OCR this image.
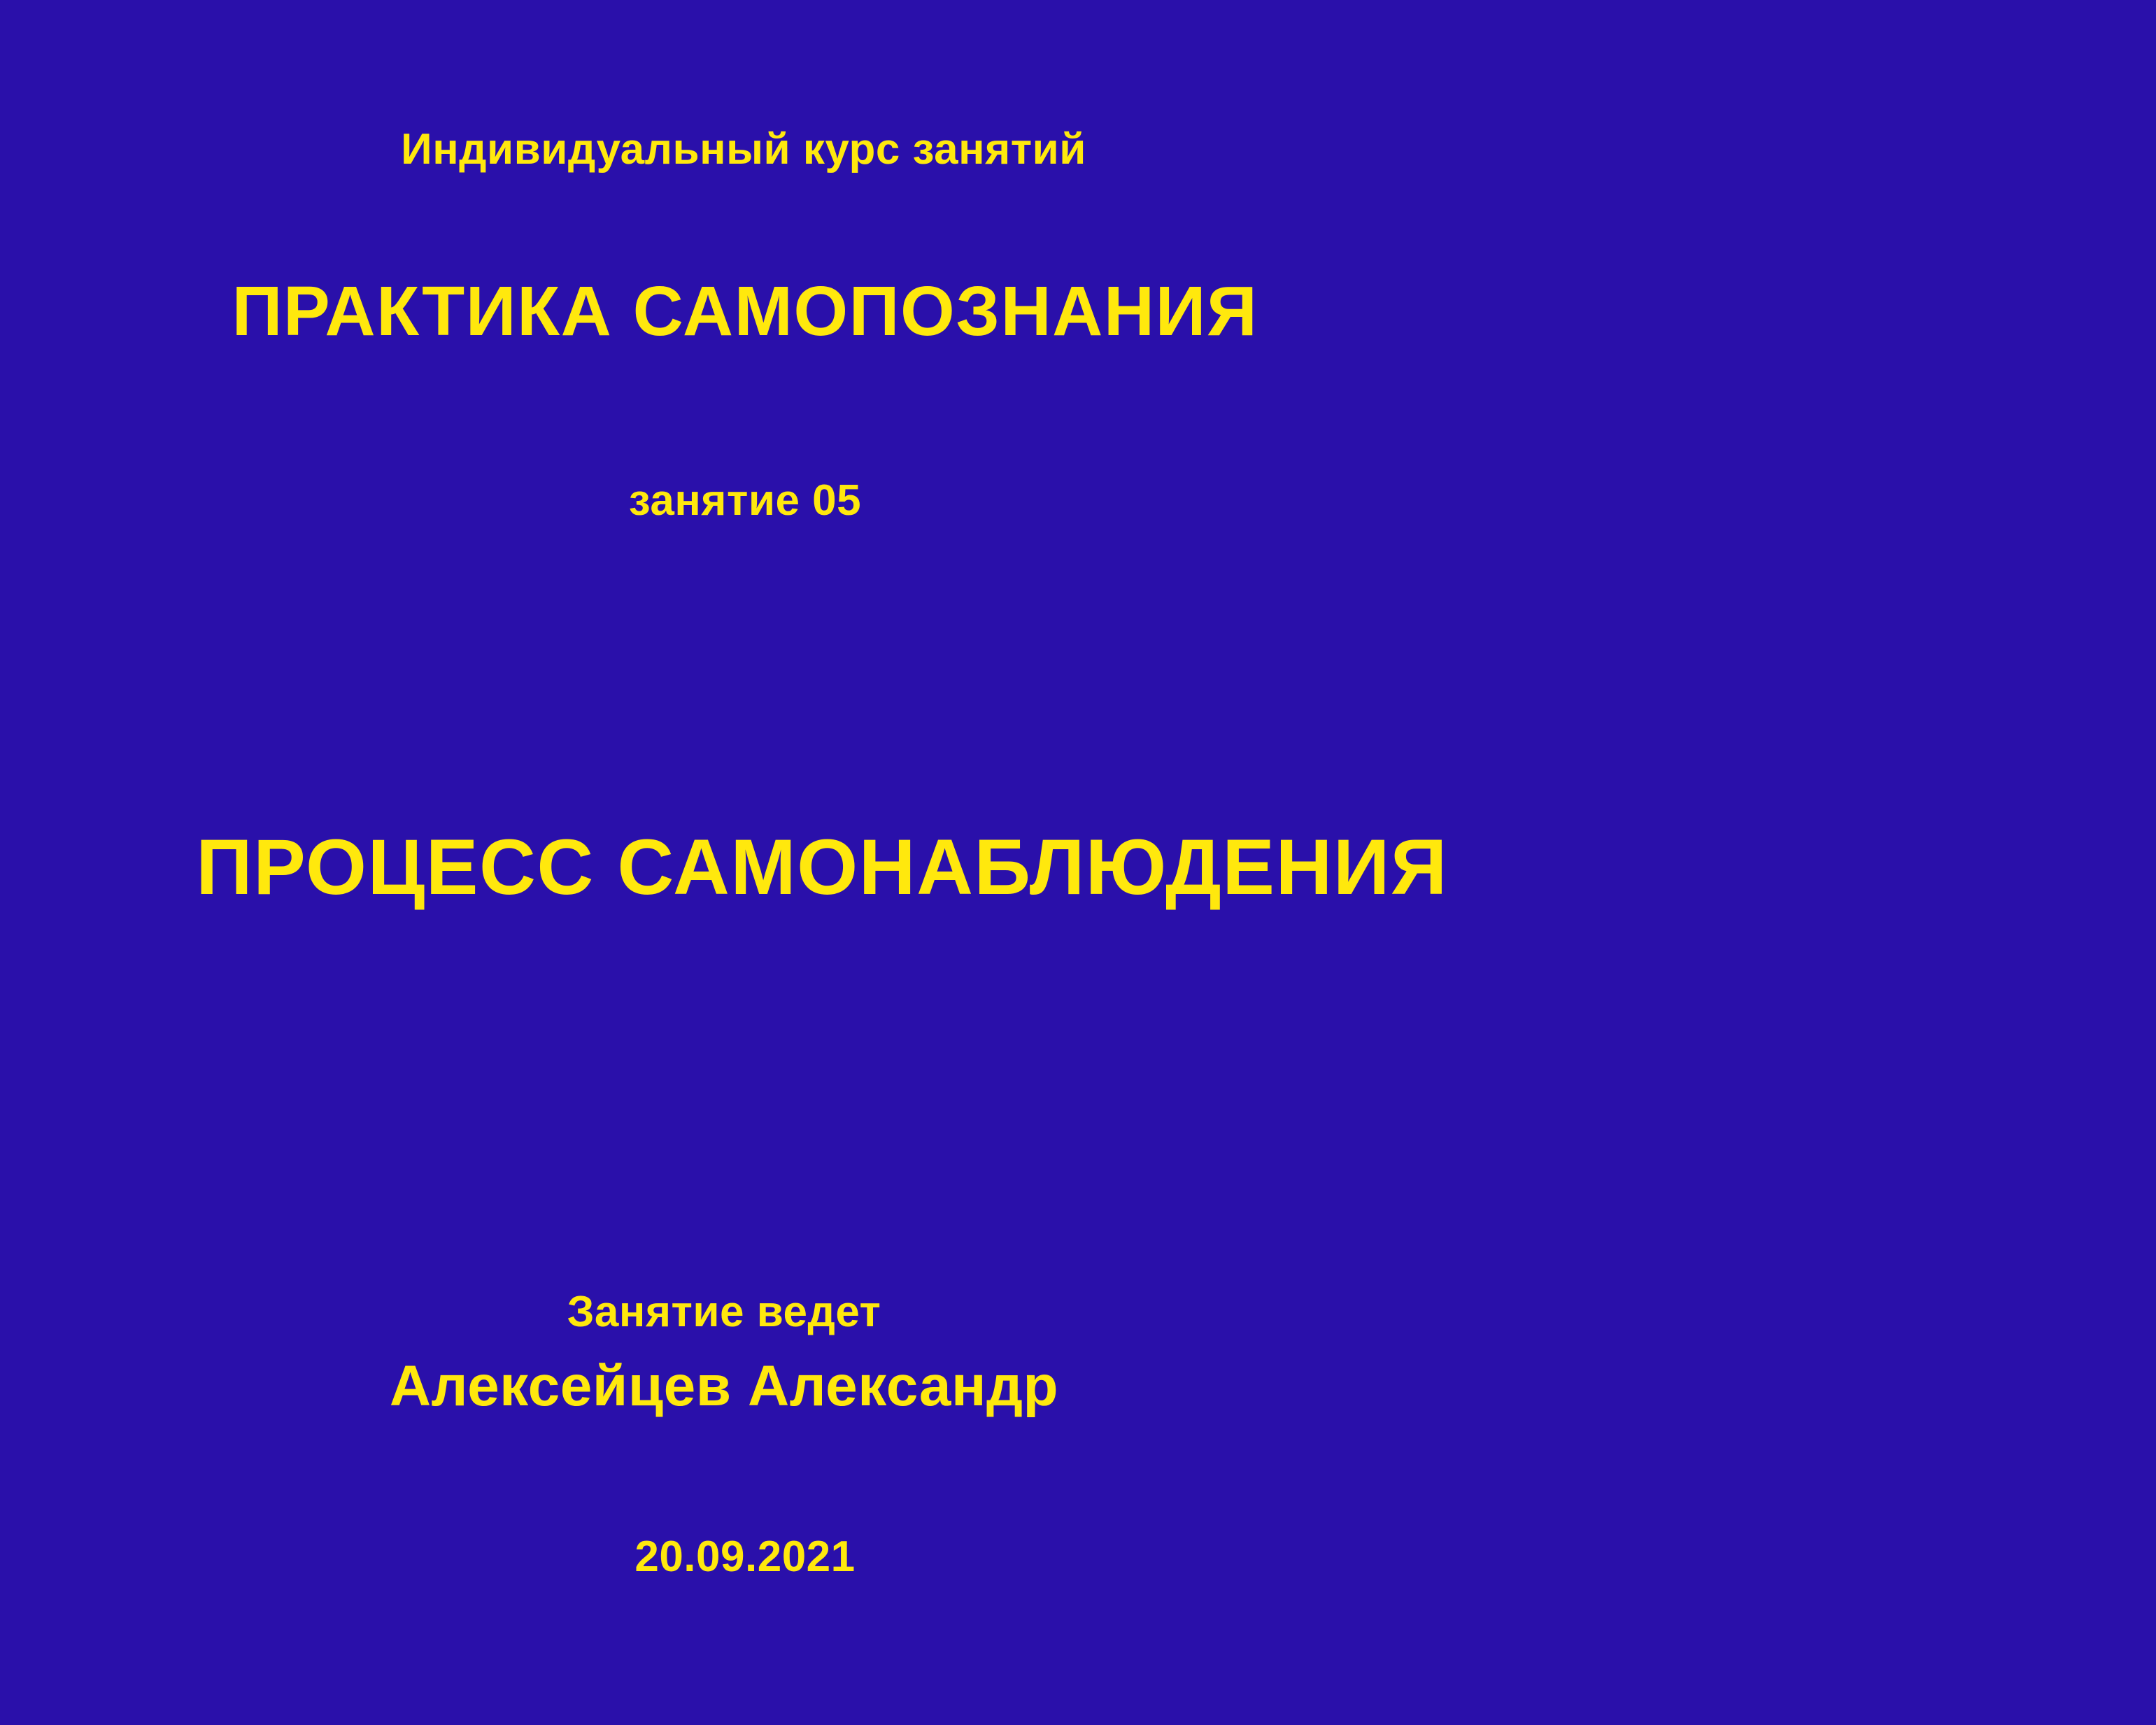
Индивидуальный курс занятий
ПРАКТИКА САМОПОЗНАНИЯ
занятие 05
ПРОЦЕСС САМОНАБЛЮДЕНИЯ
Занятие ведет
Алексейцев Александр
20.09.2021
